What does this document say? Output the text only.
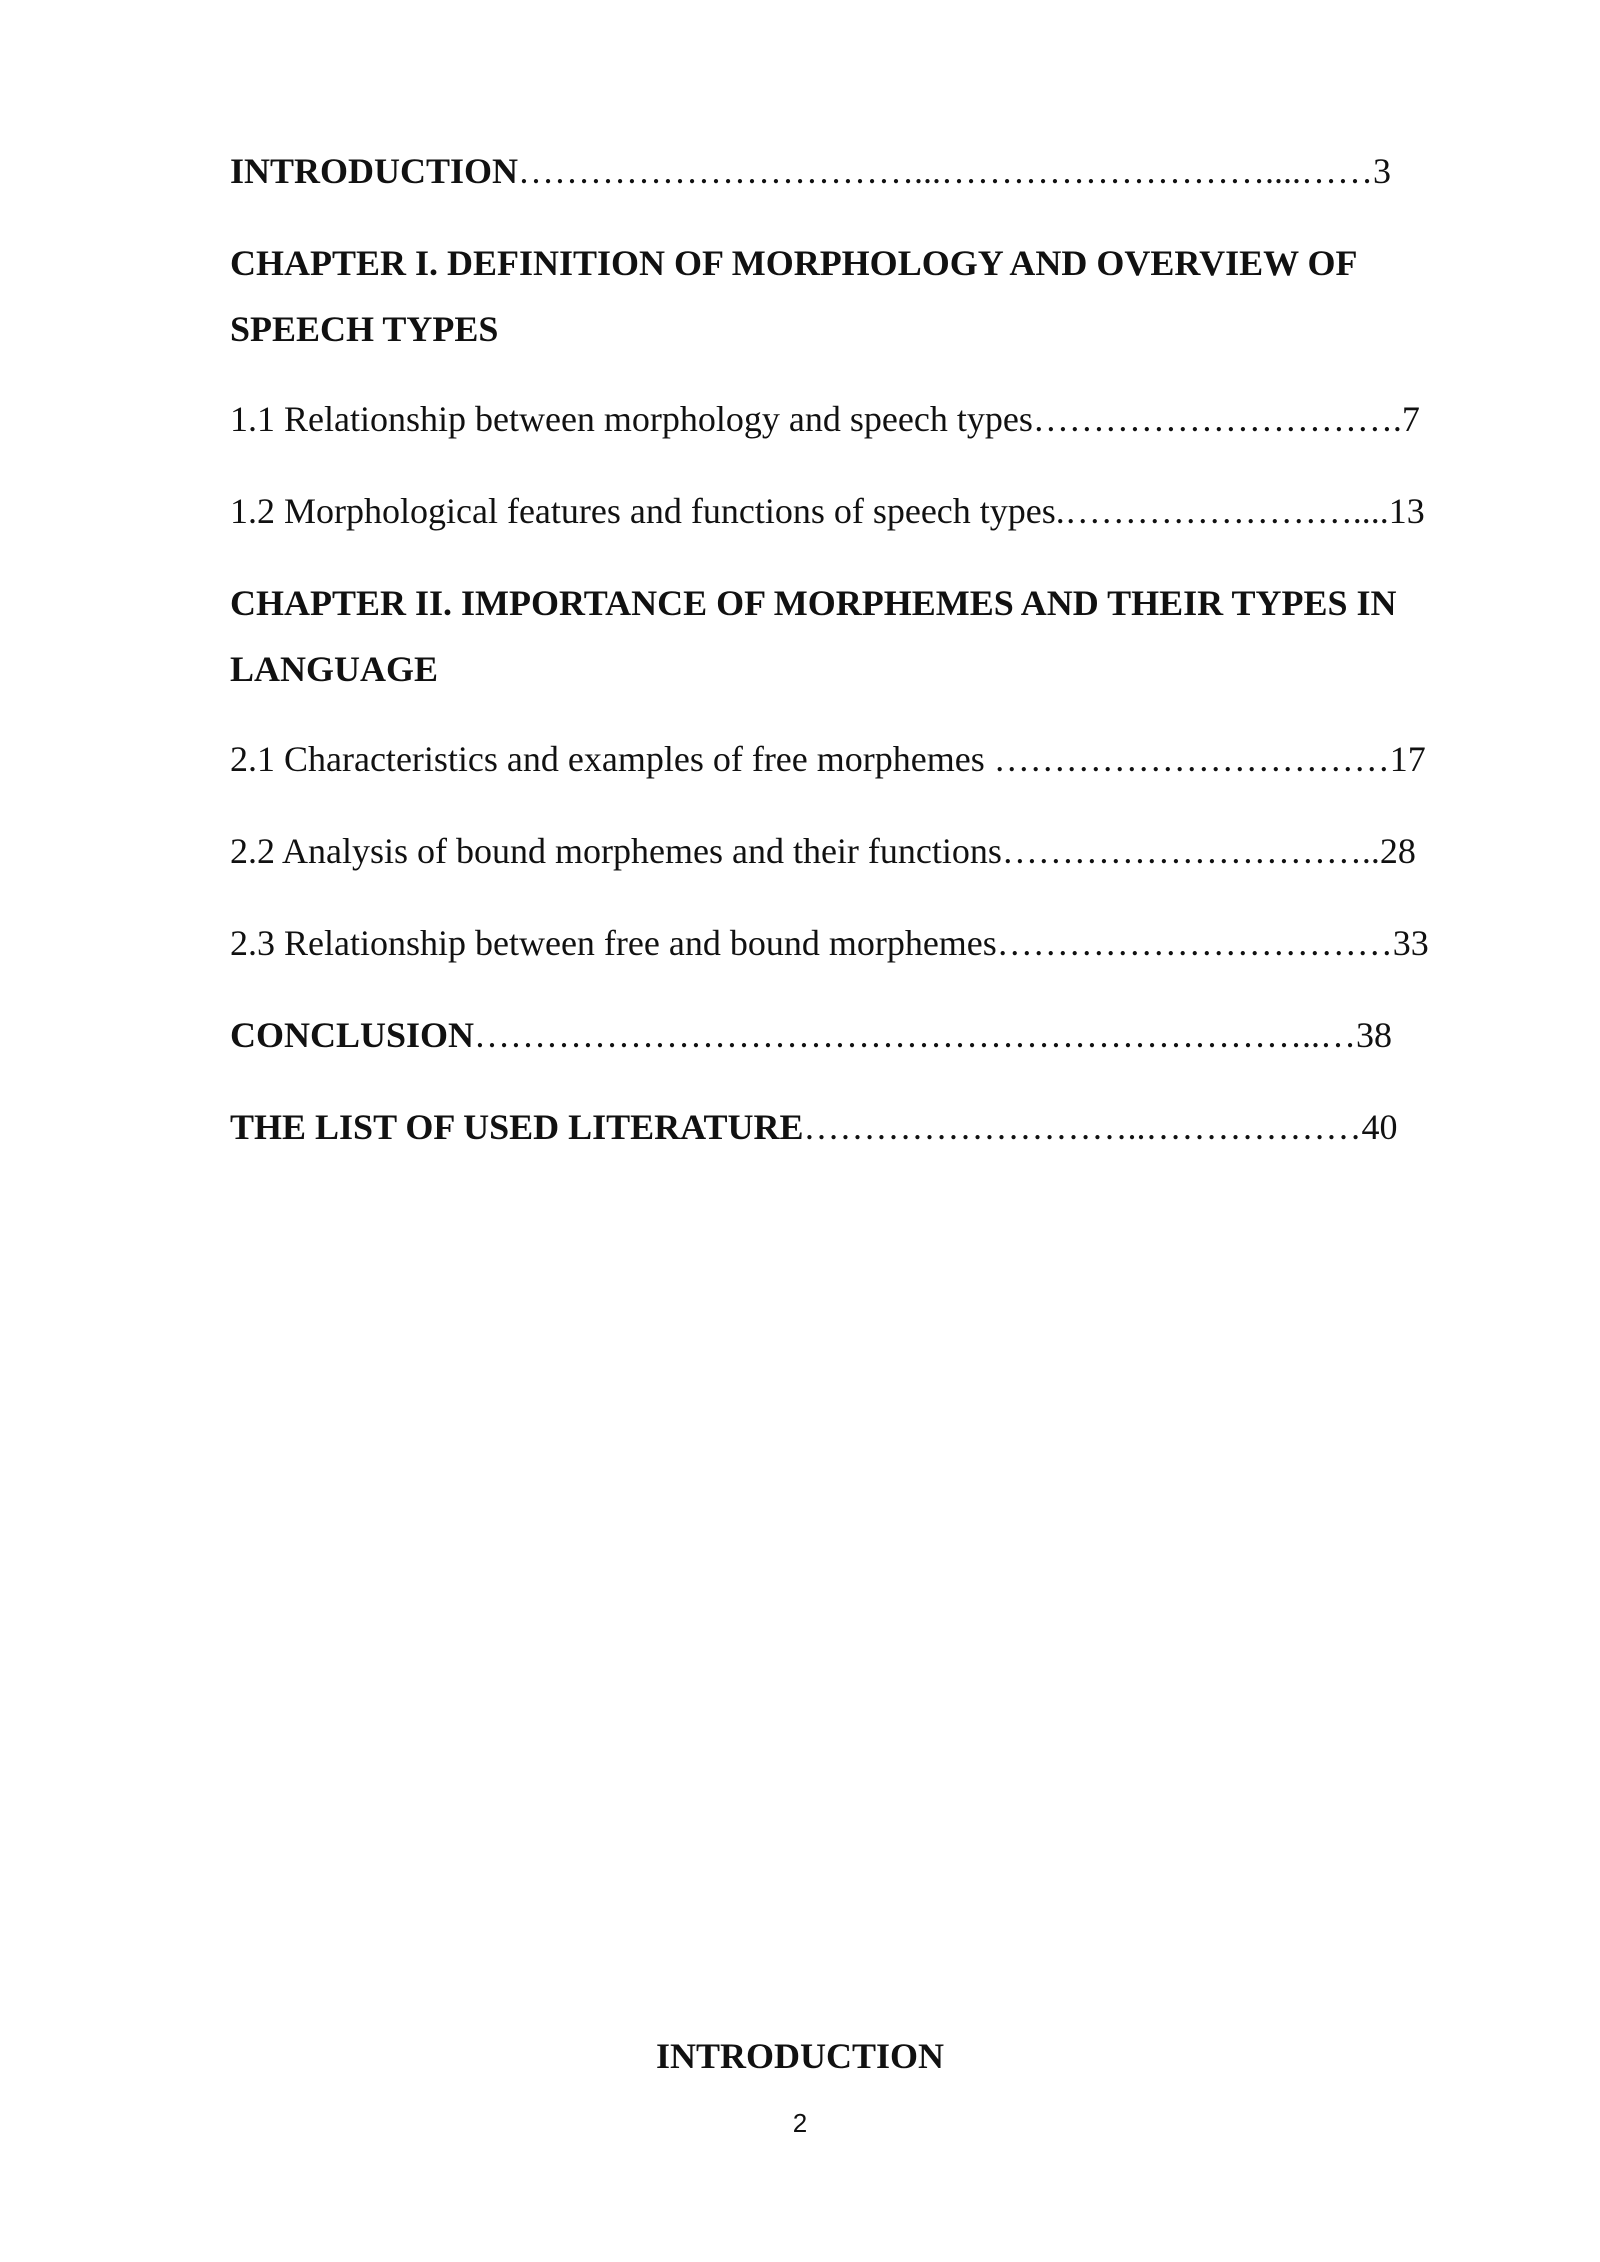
INTRODUCTION……………………………...………………………....……3
CHAPTER I. DEFINITION OF MORPHOLOGY AND OVERVIEW OF SPEECH TYPES
1.1 Relationship between morphology and speech types………………………….7
1.2 Morphological features and functions of speech types.……………………....13
CHAPTER II. IMPORTANCE OF MORPHEMES AND THEIR TYPES IN LANGUAGE
2.1 Characteristics and examples of free morphemes ……………………………17
2.2 Analysis of bound morphemes and their functions…………………………..28
2.3 Relationship between free and bound morphemes……………………………33
CONCLUSION……………………………………………………………..…38
THE LIST OF USED LITERATURE………………………..………………40
INTRODUCTION
2
